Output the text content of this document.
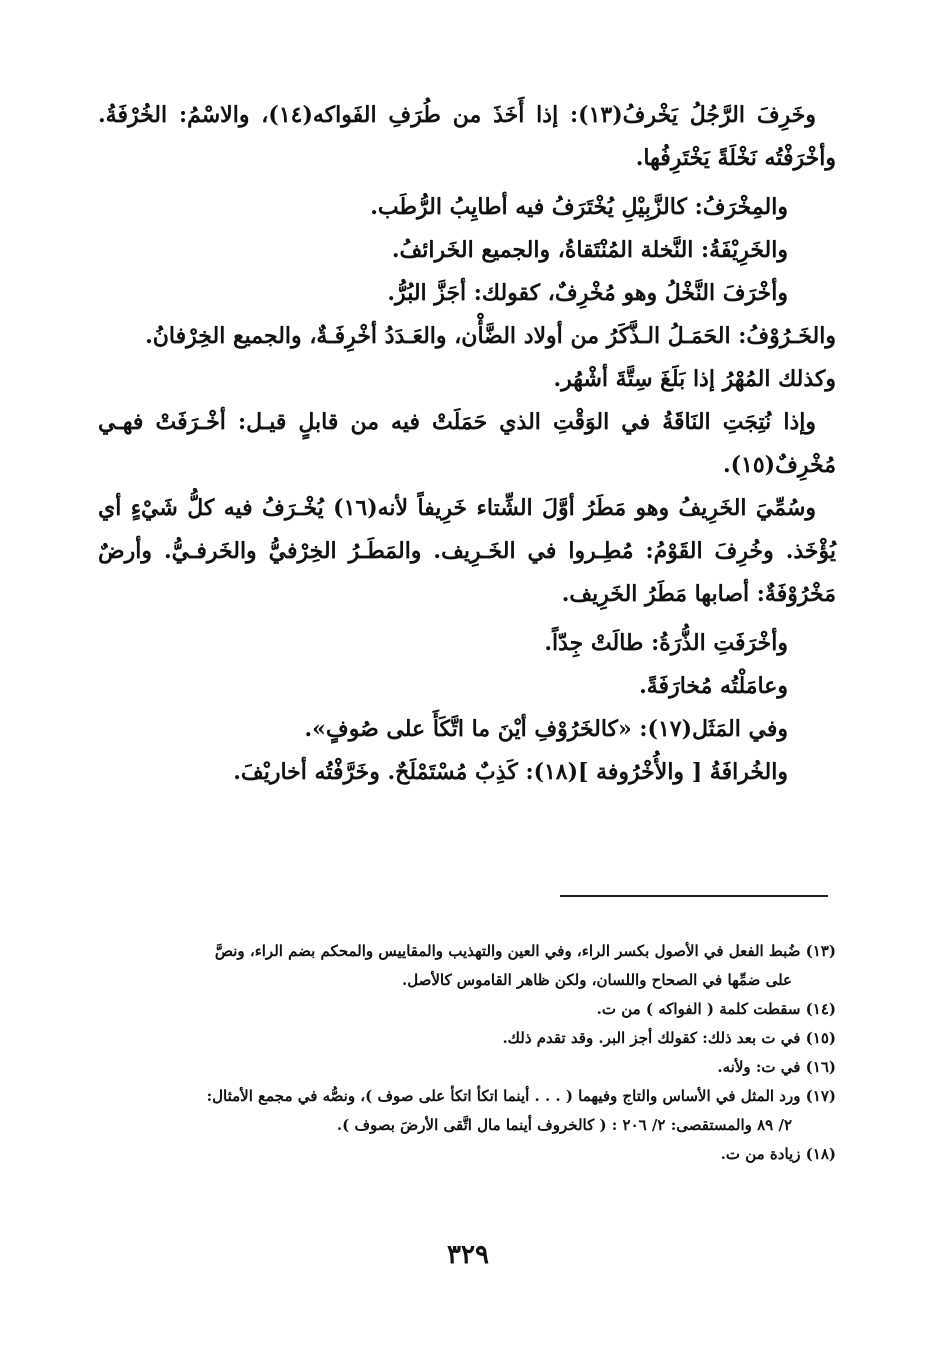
وخَرِفَ الرَّجُلُ يَخْرفُ(١٣): إذا أَخَذَ من طُرَفِ الفَواكه(١٤)، والاسْمُ: الخُرْفَةُ. وأخْرَفْتُه نَخْلَةً يَخْتَرِفُها.

والمِخْرَفُ: كالزَّبِيْلِ يُخْتَرَفُ فيه أطايِبُ الرُّطَب.

والخَرِيْفَةُ: النَّخلة المُنْتَقاةُ، والجميع الخَرائفُ.

وأخْرَفَ النَّخْلُ وهو مُخْرِفٌ، كقولك: أجَزَّ البُرُّ.

والخَـرُوْفُ: الحَمَـلُ الـذَّكَرُ من أولاد الضَّأْن، والعَـدَدُ أخْرِفَـةٌ، والجميع الخِرْفانُ. وكذلك المُهْرُ إذا بَلَغَ سِتَّةَ أشْهُر.

وإذا نُتِجَتِ النَاقَةُ في الوَقْتِ الذي حَمَلَتْ فيه من قابلٍ قيـل: أخْـرَفَتْ فهـي مُخْرِفٌ(١٥).

وسُمِّيَ الخَرِيفُ وهو مَطَرُ أوَّلَ الشِّتاء خَرِيفاً لأنه(١٦) يُخْـرَفُ فيه كلُّ شَيْءٍ أي يُؤْخَذ. وخُرِفَ القَوْمُ: مُطِـروا في الخَـرِيف. والمَطَـرُ الخِرْفيُّ والخَرفـيُّ. وأرضٌ مَخْرُوْفَةٌ: أصابها مَطَرُ الخَرِيف.

وأخْرَفَتِ الذُّرَةُ: طالَتْ جِدّاً.

وعامَلْتُه مُخارَفَةً.

وفي المَثَل(١٧): «كالخَرُوْفِ أيْنَ ما اتَّكَأَ على صُوفٍ».

والخُرافَةُ [ والأُخْرُوفة ](١٨): كَذِبٌ مُسْتَمْلَحٌ. وخَرَّفْتُه أخاريْفَ.

(١٣) ضُبط الفعل في الأصول بكسر الراء، وفي العين والتهذيب والمقاييس والمحكم بضم الراء، ونصَّ

على ضمِّها في الصحاح واللسان، ولكن ظاهر القاموس كالأصل.

(١٤) سقطت كلمة ( الفواكه ) من ت.

(١٥) في ت بعد ذلك: كقولك أجز البر. وقد تقدم ذلك.

(١٦) في ت: ولأنه.

(١٧) ورد المثل في الأساس والتاج وفيهما ( . . . أينما اتكأ اتكأ على صوف )، ونصُّه في مجمع الأمثال:

٢/ ٨٩ والمستقصى: ٢/ ٢٠٦ : ( كالخروف أينما مال اتَّقى الأرضَ بصوف ).

(١٨) زيادة من ت.

٣٢٩
